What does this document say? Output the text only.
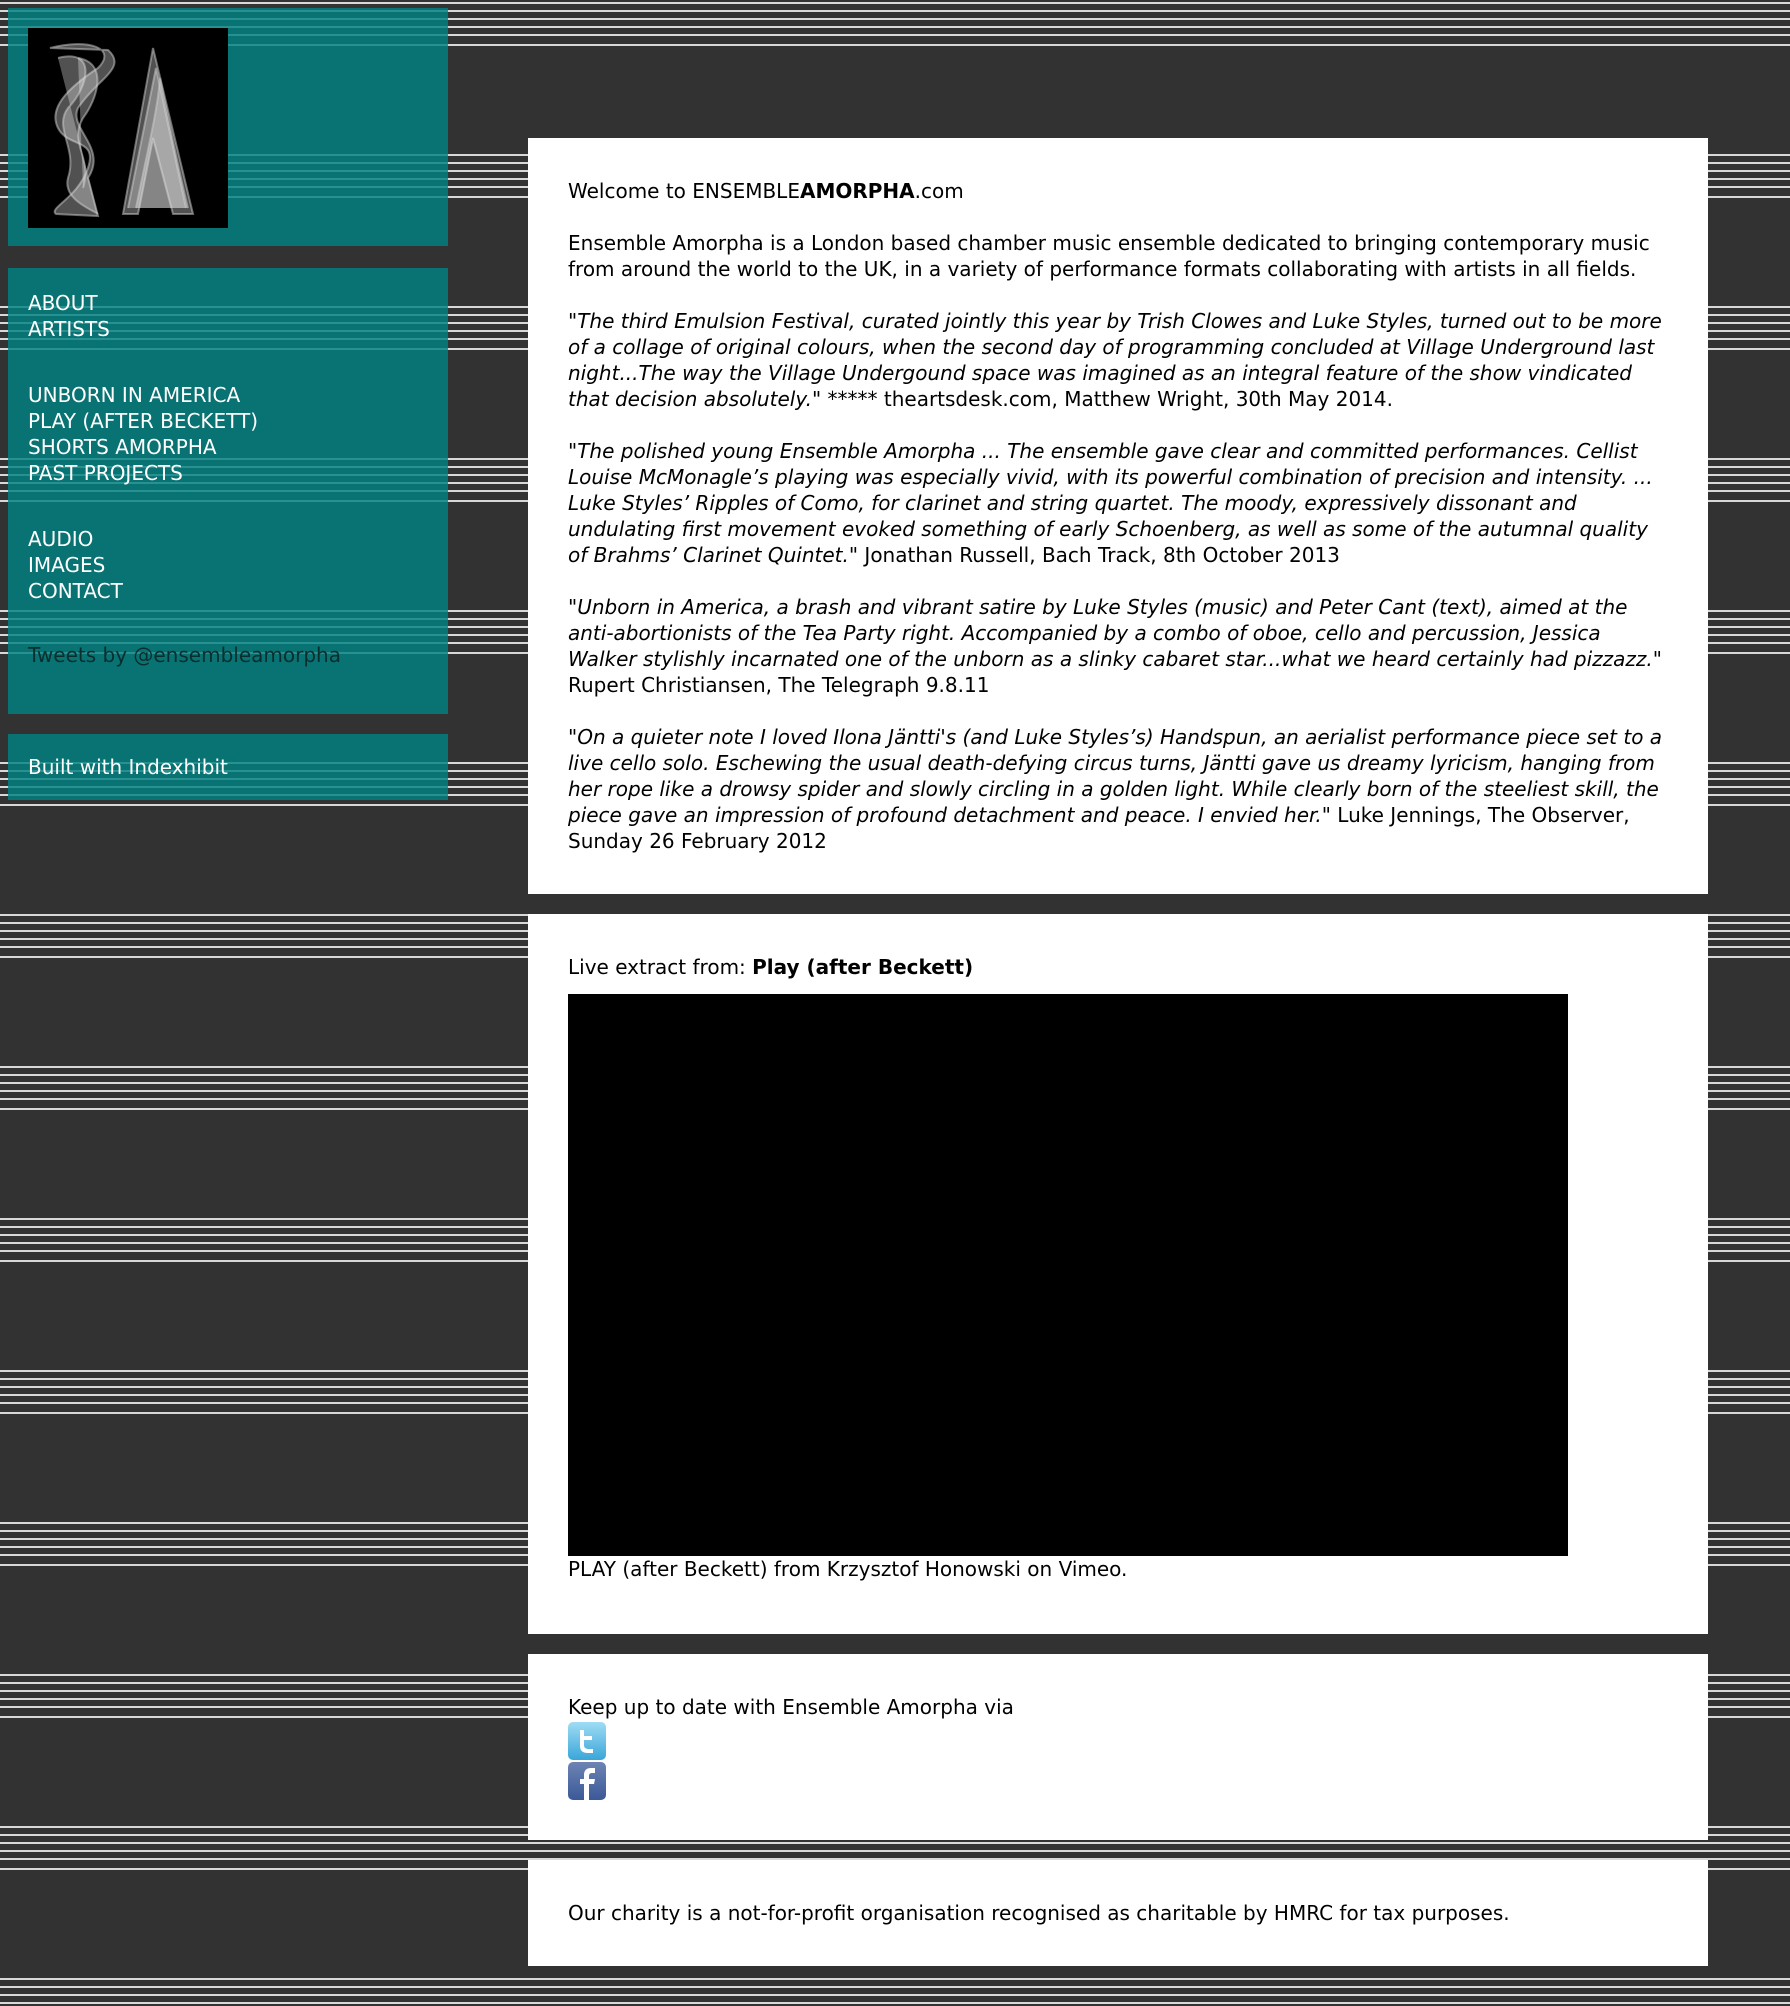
ABOUT
ARTISTS
UNBORN IN AMERICA
PLAY (AFTER BECKETT)
SHORTS AMORPHA
PAST PROJECTS
AUDIO
IMAGES
CONTACT
Tweets by @ensembleamorpha
Built with Indexhibit

Welcome to ENSEMBLEAMORPHA.com

Ensemble Amorpha is a London based chamber music ensemble dedicated to bringing contemporary music from around the world to the UK, in a variety of performance formats collaborating with artists in all fields.

"The third Emulsion Festival, curated jointly this year by Trish Clowes and Luke Styles, turned out to be more of a collage of original colours, when the second day of programming concluded at Village Underground last night...The way the Village Undergound space was imagined as an integral feature of the show vindicated that decision absolutely." ***** theartsdesk.com, Matthew Wright, 30th May 2014.

"The polished young Ensemble Amorpha ... The ensemble gave clear and committed performances. Cellist Louise McMonagle’s playing was especially vivid, with its powerful combination of precision and intensity. ... Luke Styles’ Ripples of Como, for clarinet and string quartet. The moody, expressively dissonant and undulating first movement evoked something of early Schoenberg, as well as some of the autumnal quality of Brahms’ Clarinet Quintet." Jonathan Russell, Bach Track, 8th October 2013

"Unborn in America, a brash and vibrant satire by Luke Styles (music) and Peter Cant (text), aimed at the anti-abortionists of the Tea Party right. Accompanied by a combo of oboe, cello and percussion, Jessica Walker stylishly incarnated one of the unborn as a slinky cabaret star...what we heard certainly had pizzazz." Rupert Christiansen, The Telegraph 9.8.11

"On a quieter note I loved Ilona Jäntti's (and Luke Styles’s) Handspun, an aerialist performance piece set to a live cello solo. Eschewing the usual death-defying circus turns, Jäntti gave us dreamy lyricism, hanging from her rope like a drowsy spider and slowly circling in a golden light. While clearly born of the steeliest skill, the piece gave an impression of profound detachment and peace. I envied her." Luke Jennings, The Observer, Sunday 26 February 2012

Live extract from: Play (after Beckett)
PLAY (after Beckett) from Krzysztof Honowski on Vimeo.
Keep up to date with Ensemble Amorpha via
Our charity is a not-for-profit organisation recognised as charitable by HMRC for tax purposes.
